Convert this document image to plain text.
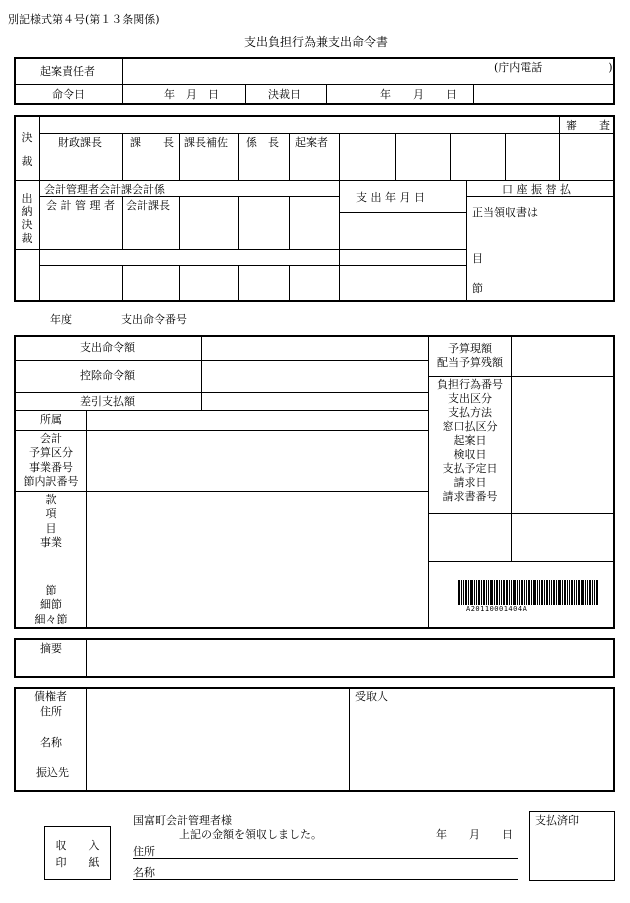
別記様式第４号(第１３条関係)
支出負担行為兼支出命令書
起案責任者	(庁内電話　　　　　　)
命令日	年　月　日	決裁日	年　　月　　日
決
裁
審　　査
財政課長	課　　長 課長補佐 係　長 起案者
出
納
決
裁
会計管理者会計課会計係
会 計 管 理 者 会計課長
支 出 年 月 日
口 座 振 替 払
正当領収書は
目
節
年度	支出命令番号
支出命令額
控除命令額
差引支払額
所属
会計
予算区分
事業番号
節内訳番号
款
項
目
事業
節
細節
細々節
予算現額
配当予算残額
負担行為番号
支出区分
支払方法
窓口払区分
起案日
検収日
支払予定日
請求日
請求書番号
A20110001404A
摘要
債権者
住所
名称
振込先
受取人
収　　入
印　　紙
国富町会計管理者様
上記の金額を領収しました。	年　　月　　日
住所
名称
支払済印
